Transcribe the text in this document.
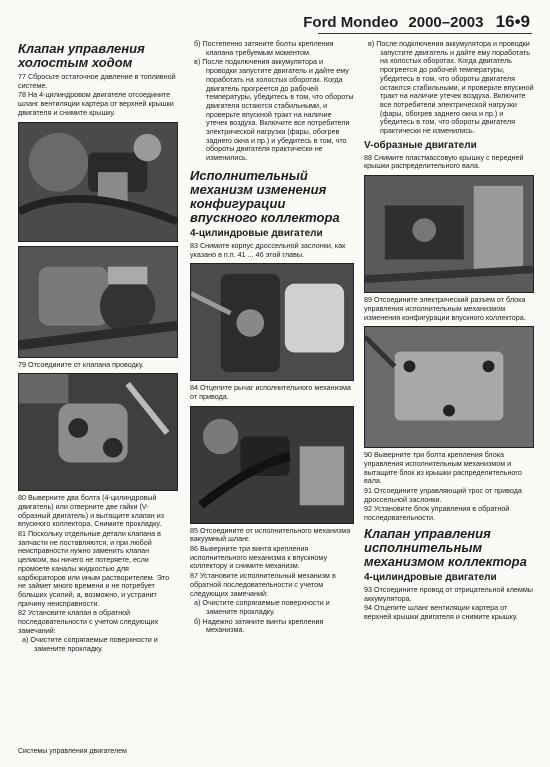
Ford Mondeo 2000–2003 16•9
Клапан управления холостым ходом
77 Сбросьте остаточное давление в топливной системе.
78 На 4-цилиндровом двигателе отсоедините шланг вентиляции картера от верхней крышки двигателя и снимите крышку.
79 Отсоедините от клапана проводку.
80 Выверните два болта (4-цилиндровый двигатель) или отверните две гайки (V-образный двигатель) и вытащите клапан из впускного коллектора. Снимите прокладку.
81 Поскольку отдельные детали клапана в запчасти не поставляются, и при любой неисправности нужно заменить клапан целиком, вы ничего не потеряете, если промоете каналы жидкостью для карбюраторов или иным растворителем. Это не займет много времени и не потребует больших усилий, а, возможно, и устранит причину неисправности.
82 Установите клапан в обратной последовательности с учетом следующих замечаний:
а) Очистите сопрягаемые поверхности и замените прокладку.
б) Постепенно затяните болты крепления клапана требуемым моментом.
в) После подключения аккумулятора и проводки запустите двигатель и дайте ему поработать на холостых оборотах. Когда двигатель прогреется до рабочей температуры, убедитесь в том, что обороты двигателя остаются стабильными, и проверьте впускной тракт на наличие утечек воздуха. Включите все потребители электрической нагрузки (фары, обогрев заднего окна и пр.) и убедитесь в том, что обороты двигателя практически не изменились.
Исполнительный механизм изменения конфигурации впускного коллектора
4-цилиндровые двигатели
83 Снимите корпус дроссельной заслонки, как указано в п.п. 41 ... 46 этой главы.
84 Отцепите рычаг исполнительного механизма от привода.
85 Отсоедините от исполнительного механизма вакуумный шланг.
86 Выверните три винта крепления исполнительного механизма к впускному коллектору и снимите механизм.
87 Установите исполнительный механизм в обратной последовательности с учетом следующих замечаний:
а) Очистите сопрягаемые поверхности и замените прокладку.
б) Надежно затяните винты крепления механизма.
в) После подключения аккумулятора и проводки запустите двигатель и дайте ему поработать на холостых оборотах. Когда двигатель прогреется до рабочей температуры, убедитесь в том, что обороты двигателя остаются стабильными, и проверьте впускной тракт на наличие утечек воздуха. Включите все потребители электрической нагрузки (фары, обогрев заднего окна и пр.) и убедитесь в том, что обороты двигателя практически не изменились.
V-образные двигатели
88 Снимите пластмассовую крышку с передней крышки распределительного вала.
89 Отсоедините электрический разъем от блока управления исполнительным механизмом изменения конфигурации впускного коллектора.
90 Выверните три болта крепления блока управления исполнительным механизмом и вытащите блок из крышки распределительного вала.
91 Отсоедините управляющий трос от привода дроссельной заслонки.
92 Установите блок управления в обратной последовательности.
Клапан управления исполнительным механизмом коллектора
4-цилиндровые двигатели
93 Отсоедините провод от отрицательной клеммы аккумулятора.
94 Отцепите шланг вентиляции картера от верхней крышки двигателя и снимите крышку.
Системы управления двигателем
